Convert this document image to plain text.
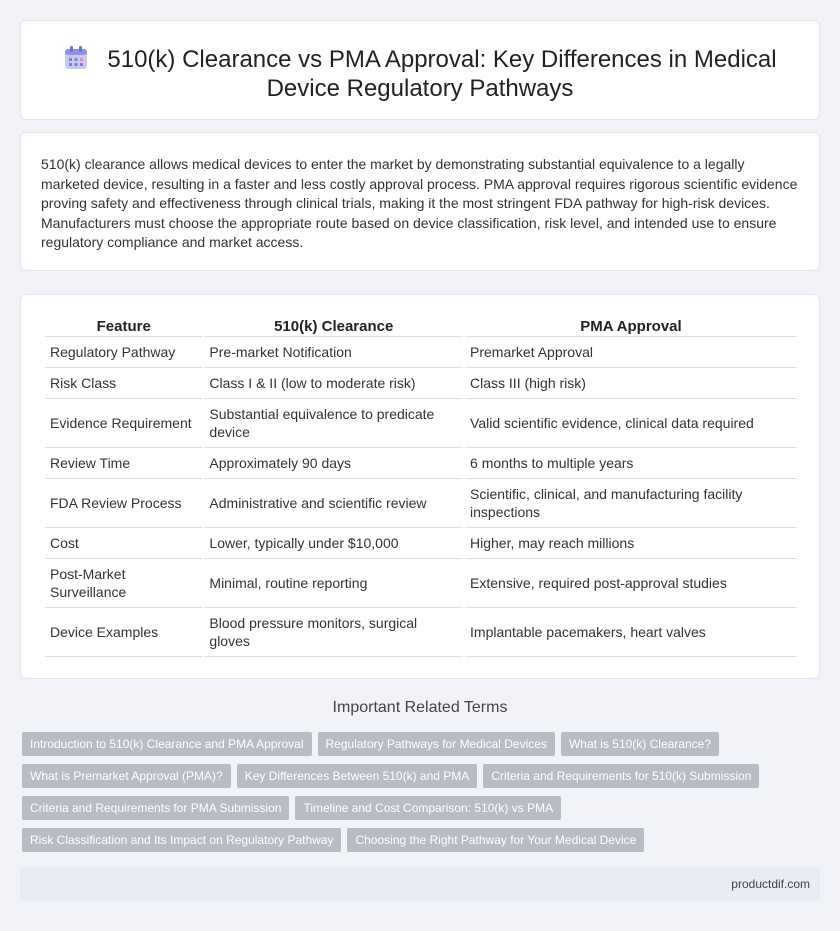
510(k) Clearance vs PMA Approval: Key Differences in Medical Device Regulatory Pathways

510(k) clearance allows medical devices to enter the market by demonstrating substantial equivalence to a legally marketed device, resulting in a faster and less costly approval process. PMA approval requires rigorous scientific evidence proving safety and effectiveness through clinical trials, making it the most stringent FDA pathway for high-risk devices. Manufacturers must choose the appropriate route based on device classification, risk level, and intended use to ensure regulatory compliance and market access.

Feature	510(k) Clearance	PMA Approval
Regulatory Pathway	Pre-market Notification	Premarket Approval
Risk Class	Class I & II (low to moderate risk)	Class III (high risk)
Evidence Requirement	Substantial equivalence to predicate device	Valid scientific evidence, clinical data required
Review Time	Approximately 90 days	6 months to multiple years
FDA Review Process	Administrative and scientific review	Scientific, clinical, and manufacturing facility inspections
Cost	Lower, typically under $10,000	Higher, may reach millions
Post-Market Surveillance	Minimal, routine reporting	Extensive, required post-approval studies
Device Examples	Blood pressure monitors, surgical gloves	Implantable pacemakers, heart valves
Important Related Terms
Introduction to 510(k) Clearance and PMA Approval Regulatory Pathways for Medical Devices What is 510(k) Clearance?
What is Premarket Approval (PMA)? Key Differences Between 510(k) and PMA Criteria and Requirements for 510(k) Submission
Criteria and Requirements for PMA Submission Timeline and Cost Comparison: 510(k) vs PMA
Risk Classification and Its Impact on Regulatory Pathway Choosing the Right Pathway for Your Medical Device
productdif.com
